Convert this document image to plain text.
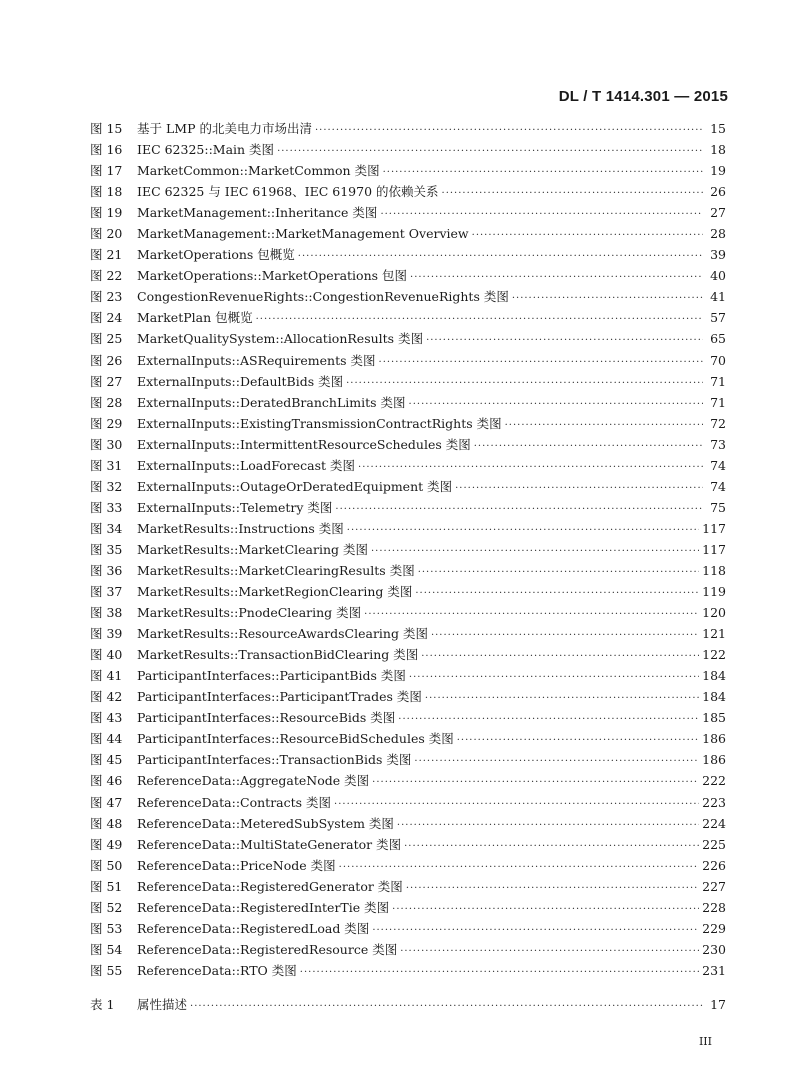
DL / T 1414.301 — 2015
图 15	基于 LMP 的北美电力市场出清 ·····	15
图 16	IEC 62325::Main 类图 ·····	18
图 17	MarketCommon::MarketCommon 类图 ·····	19
图 18	IEC 62325 与 IEC 61968、IEC 61970 的依赖关系 ·····	26
图 19	MarketManagement::Inheritance 类图 ·····	27
图 20	MarketManagement::MarketManagement Overview ·····	28
图 21	MarketOperations 包概览 ·····	39
图 22	MarketOperations::MarketOperations 包图 ·····	40
图 23	CongestionRevenueRights::CongestionRevenueRights 类图 ·····	41
图 24	MarketPlan 包概览 ·····	57
图 25	MarketQualitySystem::AllocationResults 类图 ·····	65
图 26	ExternalInputs::ASRequirements 类图 ·····	70
图 27	ExternalInputs::DefaultBids 类图 ·····	71
图 28	ExternalInputs::DeratedBranchLimits 类图 ·····	71
图 29	ExternalInputs::ExistingTransmissionContractRights 类图 ·····	72
图 30	ExternalInputs::IntermittentResourceSchedules 类图 ·····	73
图 31	ExternalInputs::LoadForecast 类图 ·····	74
图 32	ExternalInputs::OutageOrDeratedEquipment 类图 ·····	74
图 33	ExternalInputs::Telemetry 类图 ·····	75
图 34	MarketResults::Instructions 类图 ·····	117
图 35	MarketResults::MarketClearing 类图 ·····	117
图 36	MarketResults::MarketClearingResults 类图 ·····	118
图 37	MarketResults::MarketRegionClearing 类图 ·····	119
图 38	MarketResults::PnodeClearing 类图 ·····	120
图 39	MarketResults::ResourceAwardsClearing 类图 ·····	121
图 40	MarketResults::TransactionBidClearing 类图 ·····	122
图 41	ParticipantInterfaces::ParticipantBids 类图 ·····	184
图 42	ParticipantInterfaces::ParticipantTrades 类图 ·····	184
图 43	ParticipantInterfaces::ResourceBids 类图 ·····	185
图 44	ParticipantInterfaces::ResourceBidSchedules 类图 ·····	186
图 45	ParticipantInterfaces::TransactionBids 类图 ·····	186
图 46	ReferenceData::AggregateNode 类图 ·····	222
图 47	ReferenceData::Contracts 类图 ·····	223
图 48	ReferenceData::MeteredSubSystem 类图 ·····	224
图 49	ReferenceData::MultiStateGenerator 类图 ·····	225
图 50	ReferenceData::PriceNode 类图 ·····	226
图 51	ReferenceData::RegisteredGenerator 类图 ·····	227
图 52	ReferenceData::RegisteredInterTie 类图 ·····	228
图 53	ReferenceData::RegisteredLoad 类图 ·····	229
图 54	ReferenceData::RegisteredResource 类图 ·····	230
图 55	ReferenceData::RTO 类图 ·····	231
表 1	属性描述 ·····	17
III
